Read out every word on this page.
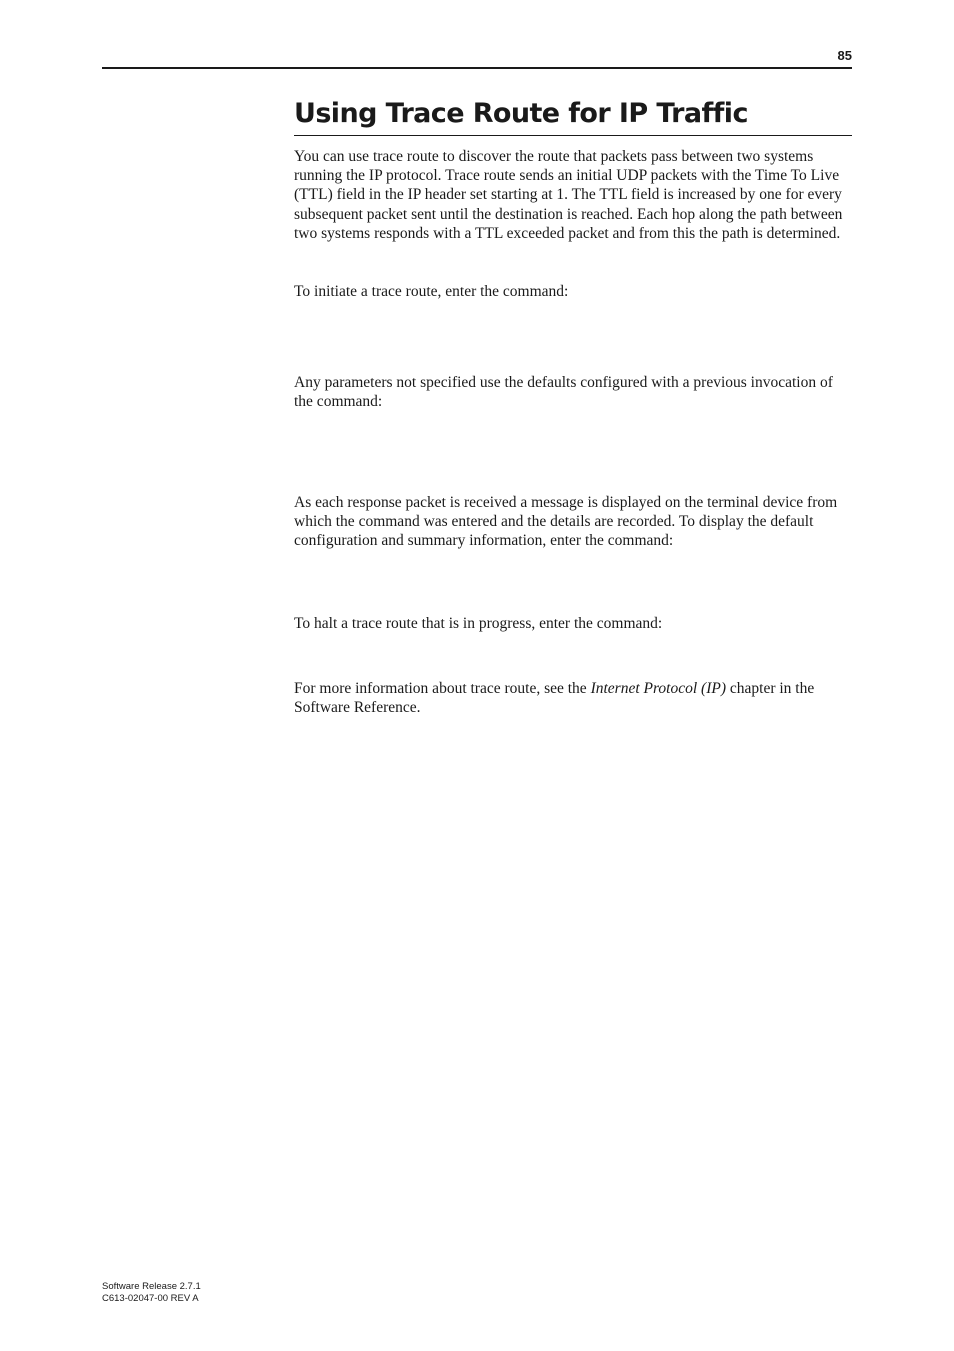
85
Using Trace Route for IP Traffic

You can use trace route to discover the route that packets pass between two systems running the IP protocol. Trace route sends an initial UDP packets with the Time To Live (TTL) field in the IP header set starting at 1. The TTL field is increased by one for every subsequent packet sent until the destination is reached. Each hop along the path between two systems responds with a TTL exceeded packet and from this the path is determined.

To initiate a trace route, enter the command:

Any parameters not specified use the defaults configured with a previous invocation of the command:

As each response packet is received a message is displayed on the terminal device from which the command was entered and the details are recorded. To display the default configuration and summary information, enter the command:

To halt a trace route that is in progress, enter the command:

For more information about trace route, see the Internet Protocol (IP) chapter in the Software Reference.

Software Release 2.7.1
C613-02047-00 REV A
